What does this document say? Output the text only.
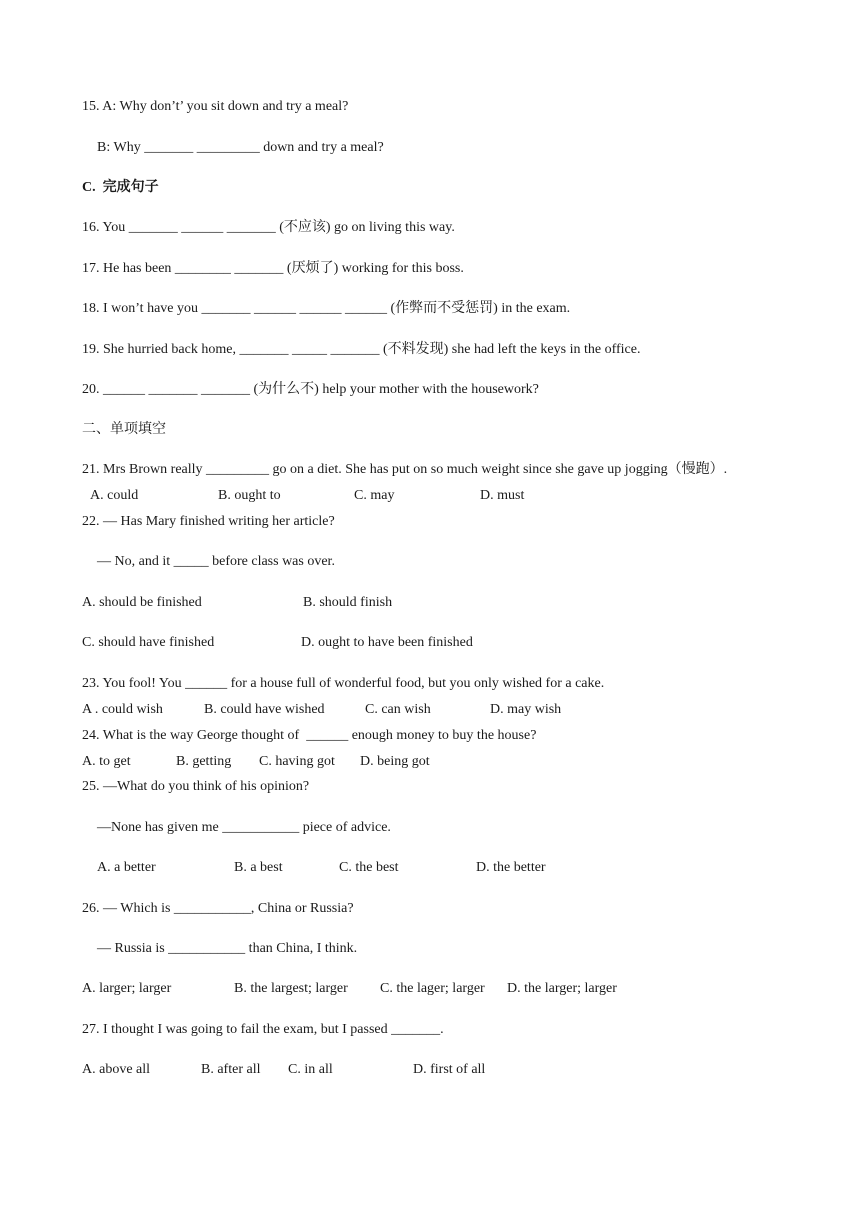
15. A: Why don’t’ you sit down and try a meal?
B: Why _______ _________ down and try a meal?
C.  完成句子
16. You _______ ______ _______ (不应该) go on living this way.
17. He has been ________ _______ (厌烦了) working for this boss.
18. I won’t have you _______ ______ ______ ______ (作弊而不受惩罚) in the exam.
19. She hurried back home, _______ _____ _______ (不料发现) she had left the keys in the office.
20. ______ _______ _______ (为什么不) help your mother with the housework?
二、单项填空
21. Mrs Brown really _________ go on a diet. She has put on so much weight since she gave up jogging（慢跑）.
A. could	B. ought to	C. may	D. must
22. — Has Mary finished writing her article?
— No, and it _____ before class was over.
A. should be finished	B. should finish
C. should have finished	D. ought to have been finished
23. You fool! You ______ for a house full of wonderful food, but you only wished for a cake.
A . could wish	B. could have wished	C. can wish	D. may wish
24. What is the way George thought of  ______ enough money to buy the house?
A. to get	B. getting C. having got D. being got
25. —What do you think of his opinion?
—None has given me ___________ piece of advice.
A. a better	B. a best	C. the best	D. the better
26. — Which is ___________, China or Russia?
— Russia is ___________ than China, I think.
A. larger; larger	B. the largest; larger C. the lager; larger D. the larger; larger
27. I thought I was going to fail the exam, but I passed _______.
A. above all	B. after all C. in all	D. first of all
